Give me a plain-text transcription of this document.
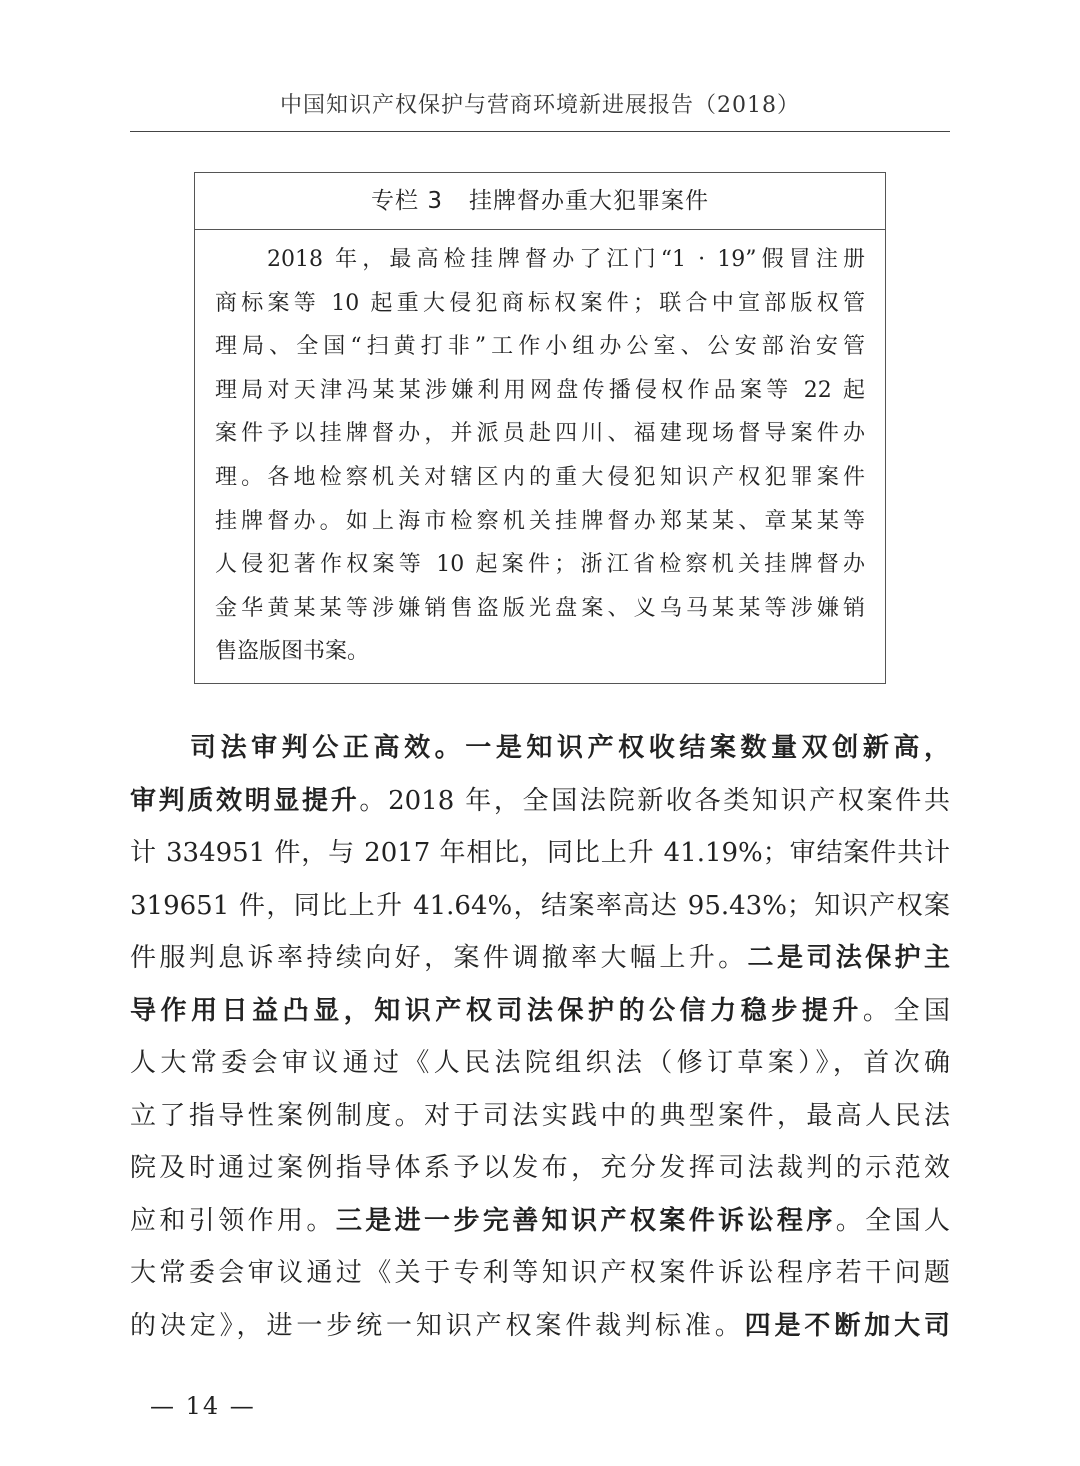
中国知识产权保护与营商环境新进展报告（2018）
专栏 3 挂牌督办重大犯罪案件
2018 年，最高检挂牌督办了江门“1 · 19”假冒注册
商标案等 10 起重大侵犯商标权案件；联合中宣部版权管
理局、全国“扫黄打非”工作小组办公室、公安部治安管
理局对天津冯某某涉嫌利用网盘传播侵权作品案等 22 起
案件予以挂牌督办，并派员赴四川、福建现场督导案件办
理。各地检察机关对辖区内的重大侵犯知识产权犯罪案件
挂牌督办。如上海市检察机关挂牌督办郑某某、章某某等
人侵犯著作权案等 10 起案件；浙江省检察机关挂牌督办
金华黄某某等涉嫌销售盗版光盘案、义乌马某某等涉嫌销
售盗版图书案。
司法审判公正高效。一是知识产权收结案数量双创新高，
审判质效明显提升。2018 年，全国法院新收各类知识产权案件共
计 334951 件，与 2017 年相比，同比上升 41.19%；审结案件共计
319651 件，同比上升 41.64%，结案率高达 95.43%；知识产权案
件服判息诉率持续向好，案件调撤率大幅上升。二是司法保护主
导作用日益凸显，知识产权司法保护的公信力稳步提升。全国
人大常委会审议通过《人民法院组织法（修订草案）》，首次确
立了指导性案例制度。对于司法实践中的典型案件，最高人民法
院及时通过案例指导体系予以发布，充分发挥司法裁判的示范效
应和引领作用。三是进一步完善知识产权案件诉讼程序。全国人
大常委会审议通过《关于专利等知识产权案件诉讼程序若干问题
的决定》，进一步统一知识产权案件裁判标准。四是不断加大司
— 14 —
